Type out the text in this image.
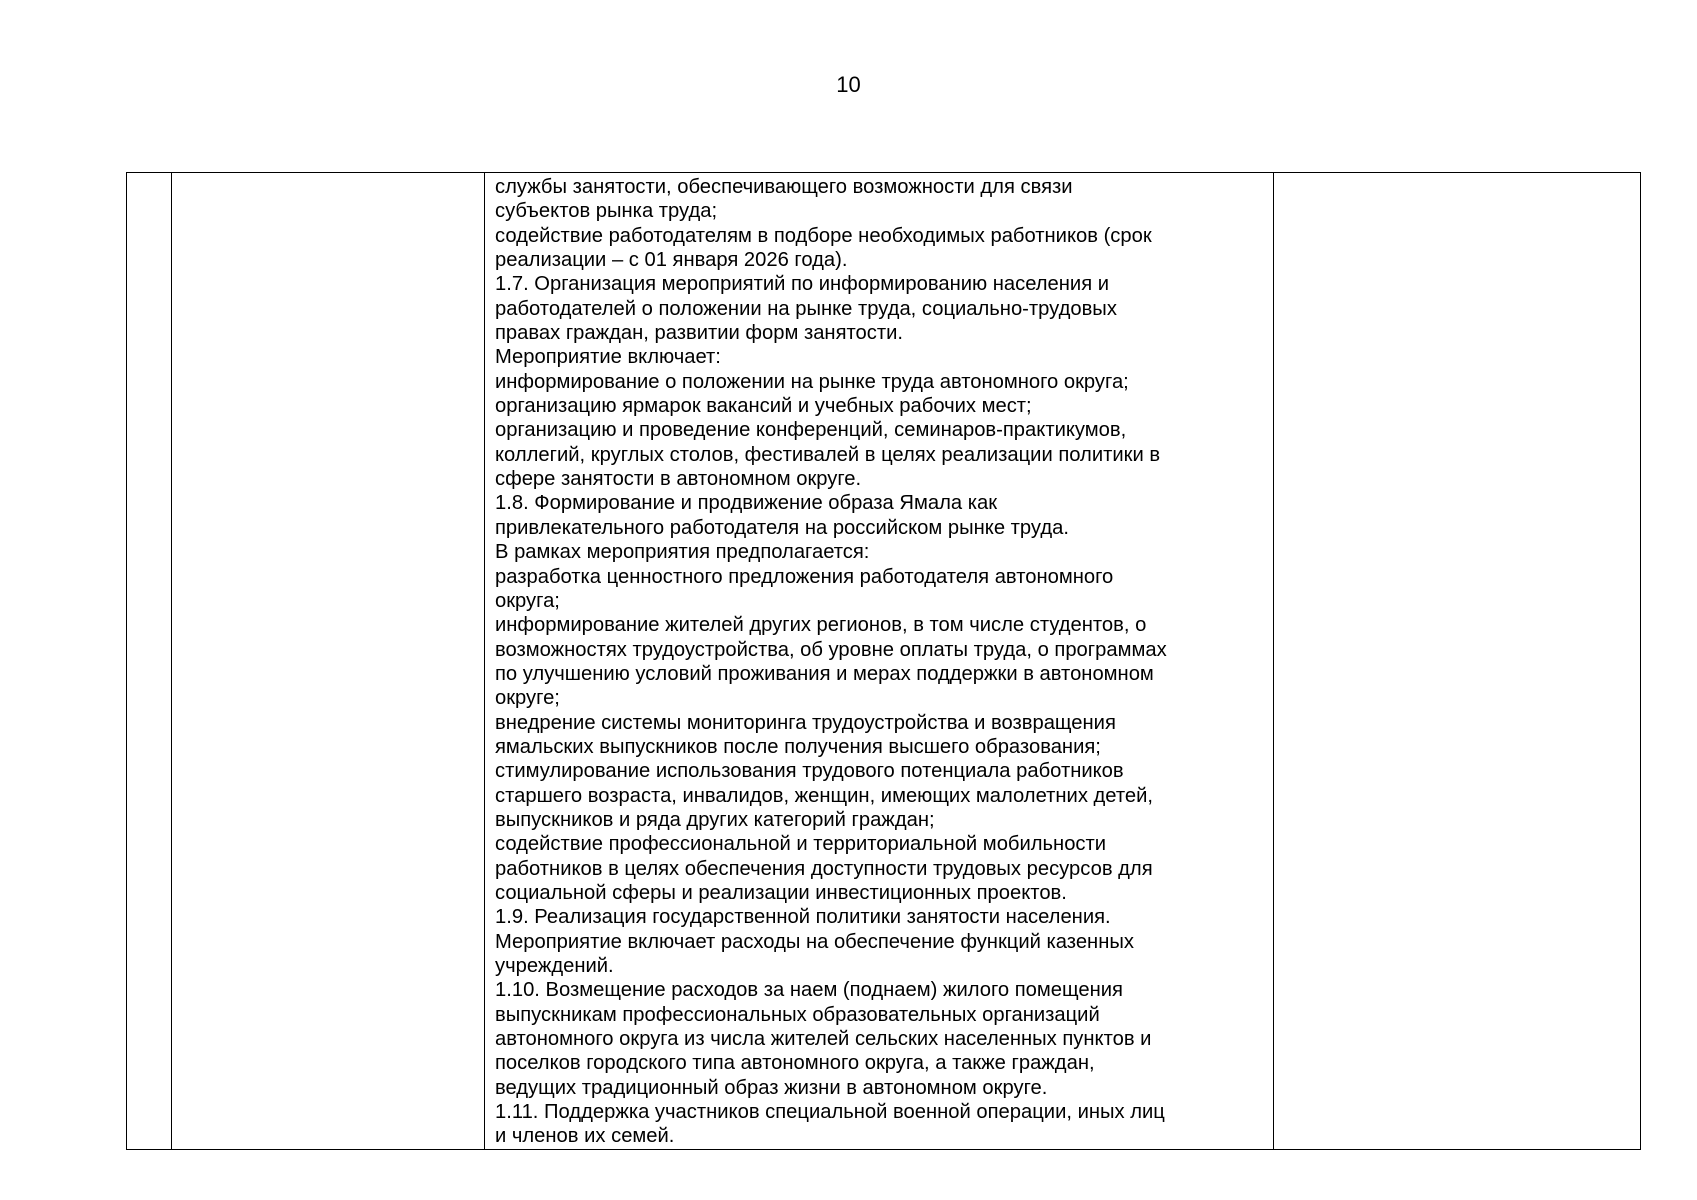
10

службы занятости, обеспечивающего возможности для связи
субъектов рынка труда;
содействие работодателям в подборе необходимых работников (срок
реализации – с 01 января 2026 года).
1.7. Организация мероприятий по информированию населения и
работодателей о положении на рынке труда, социально-трудовых
правах граждан, развитии форм занятости.
Мероприятие включает:
информирование о положении на рынке труда автономного округа;
организацию ярмарок вакансий и учебных рабочих мест;
организацию и проведение конференций, семинаров-практикумов,
коллегий, круглых столов, фестивалей в целях реализации политики в
сфере занятости в автономном округе.
1.8. Формирование и продвижение образа Ямала как
привлекательного работодателя на российском рынке труда.
В рамках мероприятия предполагается:
разработка ценностного предложения работодателя автономного
округа;
информирование жителей других регионов, в том числе студентов, о
возможностях трудоустройства, об уровне оплаты труда, о программах
по улучшению условий проживания и мерах поддержки в автономном
округе;
внедрение системы мониторинга трудоустройства и возвращения
ямальских выпускников после получения высшего образования;
стимулирование использования трудового потенциала работников
старшего возраста, инвалидов, женщин, имеющих малолетних детей,
выпускников и ряда других категорий граждан;
содействие профессиональной и территориальной мобильности
работников в целях обеспечения доступности трудовых ресурсов для
социальной сферы и реализации инвестиционных проектов.
1.9. Реализация государственной политики занятости населения.
Мероприятие включает расходы на обеспечение функций казенных
учреждений.
1.10. Возмещение расходов за наем (поднаем) жилого помещения
выпускникам профессиональных образовательных организаций
автономного округа из числа жителей сельских населенных пунктов и
поселков городского типа автономного округа, а также граждан,
ведущих традиционный образ жизни в автономном округе.
1.11. Поддержка участников специальной военной операции, иных лиц
и членов их семей.
